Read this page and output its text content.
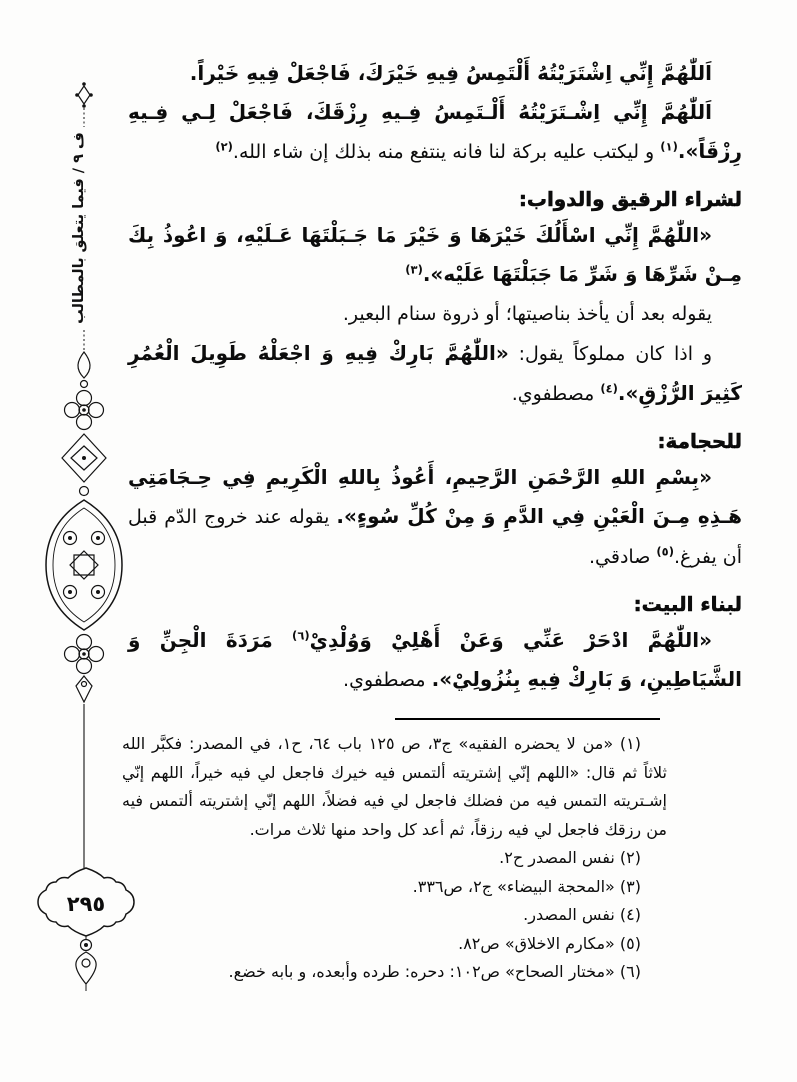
٢٩٥
ف ٩ / فيما يتعلق بالمطالب

اَللّٰهُمَّ إِنِّي اِشْتَرَيْتُهُ أَلْتَمِسُ فِيهِ خَيْرَكَ، فَاجْعَلْ فِيهِ خَيْراً.

اَللّٰهُمَّ إِنِّي اِشْـتَرَيْتُهُ أَلْـتَمِسُ فِـيهِ رِزْقَكَ، فَاجْعَلْ لِـي فِـيهِ رِزْقَاً».$^{(١)}$ و ليكتب عليه بركة لنا فانه ينتفع منه بذلك إن شاء الله.$^{(٢)}$

لشراء الرقيق والدواب:

«اللّٰهُمَّ إِنِّي اسْأَلُكَ خَيْرَهَا وَ خَيْرَ مَا جَـبَلْتَهَا عَـلَيْهِ، وَ اعُوذُ بِكَ مِـنْ شَرِّهَا وَ شَرِّ مَا جَبَلْتَهَا عَلَيْه».$^{(٣)}$

يقوله بعد أن يأخذ بناصيتها؛ أو ذروة سنام البعير.

و اذا كان مملوكاً يقول: «اللّٰهُمَّ بَارِكْ فِيهِ وَ اجْعَلْهُ طَوِيلَ الْعُمُرِ كَثِيرَ الرُّزْقِ».$^{(٤)}$ مصطفوي.

للحجامة:

«بِسْمِ اللهِ الرَّحْمَنِ الرَّحِيمِ، أَعُوذُ بِاللهِ الْكَرِيمِ فِي حِـجَامَتِي هَـذِهِ مِـنَ الْعَيْنِ فِي الدَّمِ وَ مِنْ كُلِّ سُوءٍ». يقوله عند خروج الدّم قبل أن يفرغ.$^{(٥)}$ صادقي.

لبناء البيت:

«اللّٰهُمَّ ادْحَرْ عَنِّي وَعَنْ أَهْلِيْ وَوُلْدِيْ$^{(٦)}$ مَرَدَةَ الْجِنِّ وَ الشَّيَاطِينِ، وَ بَارِكْ فِيهِ بِنُزُولِيْ». مصطفوي.

(١) «من لا يحضره الفقيه» ج٣، ص ١٢٥ باب ٦٤، ح١، في المصدر: فكبَّر الله ثلاثاً ثم قال: «اللهم إنّي إشتريته ألتمس فيه خيرك فاجعل لي فيه خيراً، اللهم إنّي إشـتريته التمس فيه من فضلك فاجعل لي فيه فضلاً، اللهم إنّي إشتريته ألتمس فيه من رزقك فاجعل لي فيه رزقاً، ثم أعد كل واحد منها ثلاث مرات.

(٢) نفس المصدر ح٢.

(٣) «المحجة البيضاء» ج٢، ص٣٣٦.

(٤) نفس المصدر.

(٥) «مكارم الاخلاق» ص٨٢.

(٦) «مختار الصحاح» ص١٠٢: دحره: طرده وأبعده، و بابه خضع.
